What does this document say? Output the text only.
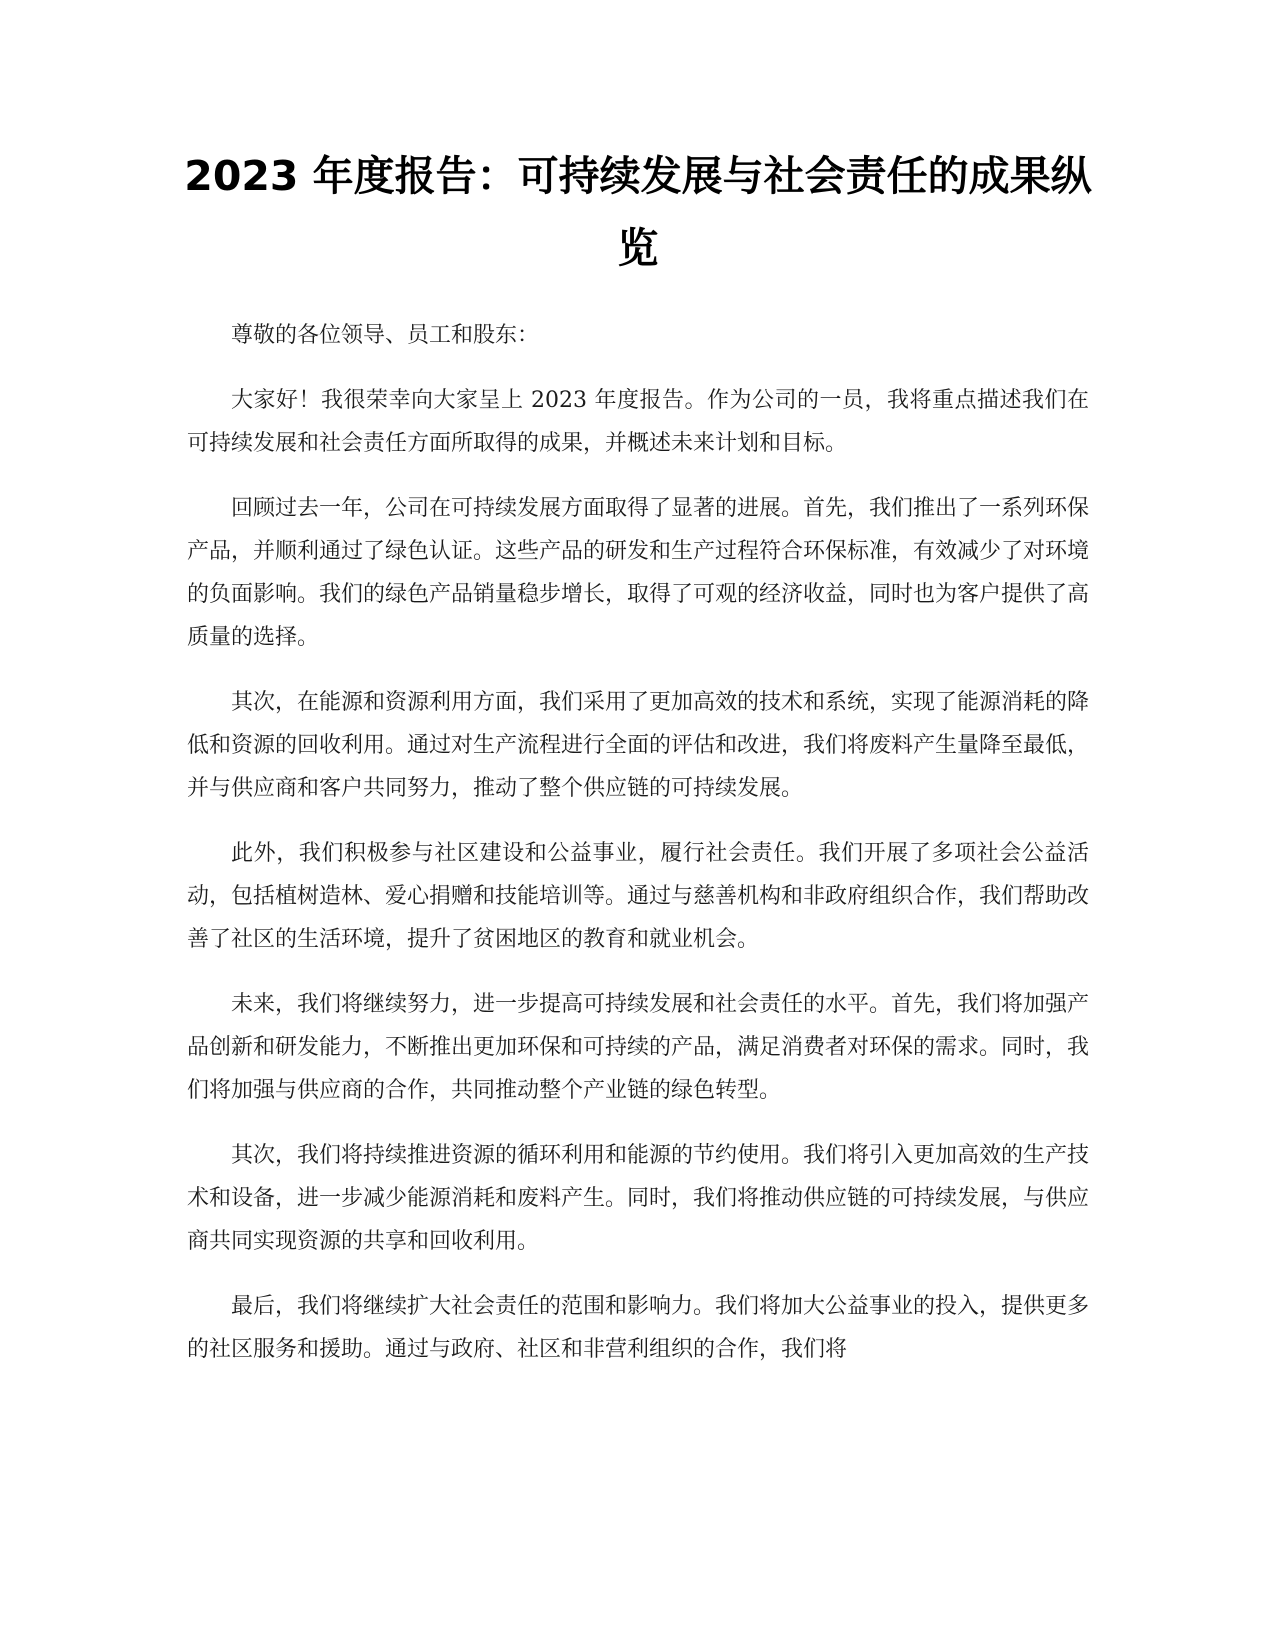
2023 年度报告：可持续发展与社会责任的成果纵览

尊敬的各位领导、员工和股东：

大家好！我很荣幸向大家呈上 2023 年度报告。作为公司的一员，我将重点描述我们在可持续发展和社会责任方面所取得的成果，并概述未来计划和目标。

回顾过去一年，公司在可持续发展方面取得了显著的进展。首先，我们推出了一系列环保产品，并顺利通过了绿色认证。这些产品的研发和生产过程符合环保标准，有效减少了对环境的负面影响。我们的绿色产品销量稳步增长，取得了可观的经济收益，同时也为客户提供了高质量的选择。

其次，在能源和资源利用方面，我们采用了更加高效的技术和系统，实现了能源消耗的降低和资源的回收利用。通过对生产流程进行全面的评估和改进，我们将废料产生量降至最低，并与供应商和客户共同努力，推动了整个供应链的可持续发展。

此外，我们积极参与社区建设和公益事业，履行社会责任。我们开展了多项社会公益活动，包括植树造林、爱心捐赠和技能培训等。通过与慈善机构和非政府组织合作，我们帮助改善了社区的生活环境，提升了贫困地区的教育和就业机会。

未来，我们将继续努力，进一步提高可持续发展和社会责任的水平。首先，我们将加强产品创新和研发能力，不断推出更加环保和可持续的产品，满足消费者对环保的需求。同时，我们将加强与供应商的合作，共同推动整个产业链的绿色转型。

其次，我们将持续推进资源的循环利用和能源的节约使用。我们将引入更加高效的生产技术和设备，进一步减少能源消耗和废料产生。同时，我们将推动供应链的可持续发展，与供应商共同实现资源的共享和回收利用。

最后，我们将继续扩大社会责任的范围和影响力。我们将加大公益事业的投入，提供更多的社区服务和援助。通过与政府、社区和非营利组织的合作，我们将
